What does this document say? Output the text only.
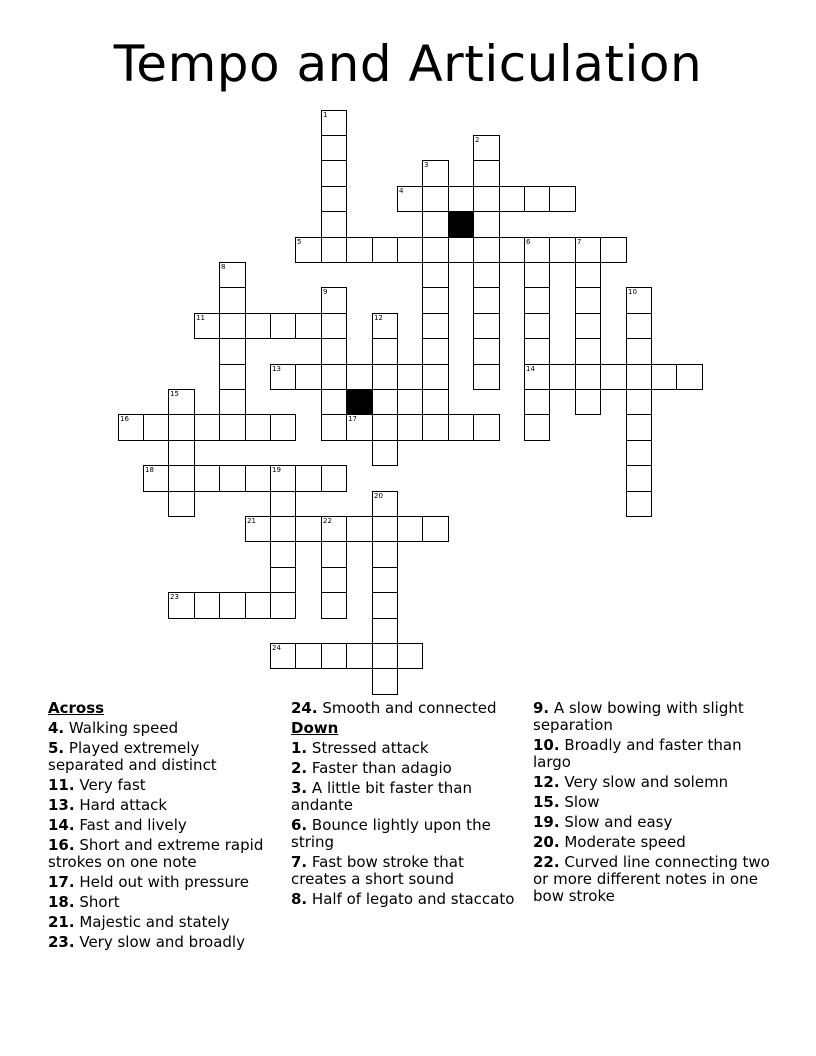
Tempo and Articulation
1
2
3
4
5	6	7
14
8
9	10
11	12
13
15
16	17
18	19
20
21	22
23
24
Across
4. Walking speed
5. Played extremely separated and distinct
11. Very fast
13. Hard attack
14. Fast and lively
16. Short and extreme rapid strokes on one note
17. Held out with pressure
18. Short
21. Majestic and stately
23. Very slow and broadly
24. Smooth and connected
Down
1. Stressed attack
2. Faster than adagio
3. A little bit faster than andante
6. Bounce lightly upon the string
7. Fast bow stroke that creates a short sound
8. Half of legato and staccato
9. A slow bowing with slight separation
10. Broadly and faster than largo
12. Very slow and solemn
15. Slow
19. Slow and easy
20. Moderate speed
22. Curved line connecting two or more different notes in one bow stroke
